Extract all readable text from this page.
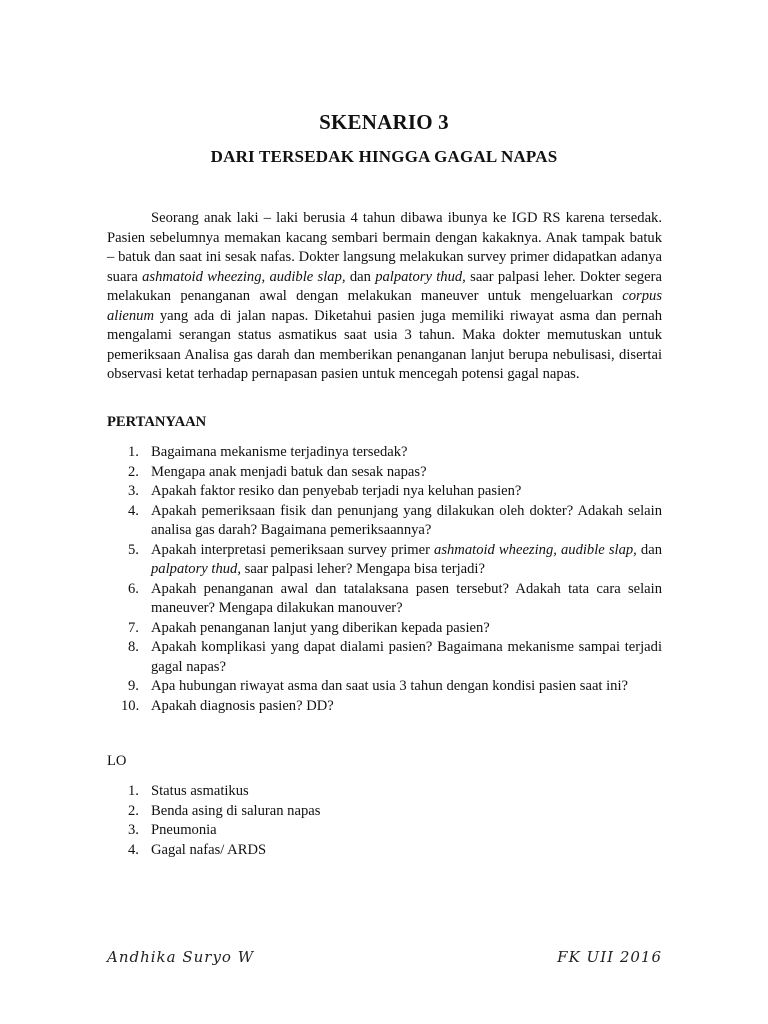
SKENARIO 3
DARI TERSEDAK HINGGA GAGAL NAPAS

Seorang anak laki – laki berusia 4 tahun dibawa ibunya ke IGD RS karena tersedak. Pasien sebelumnya memakan kacang sembari bermain dengan kakaknya. Anak tampak batuk – batuk dan saat ini sesak nafas. Dokter langsung melakukan survey primer didapatkan adanya suara ashmatoid wheezing, audible slap, dan palpatory thud, saar palpasi leher. Dokter segera melakukan penanganan awal dengan melakukan maneuver untuk mengeluarkan corpus alienum yang ada di jalan napas. Diketahui pasien juga memiliki riwayat asma dan pernah mengalami serangan status asmatikus saat usia 3 tahun. Maka dokter memutuskan untuk pemeriksaan Analisa gas darah dan memberikan penanganan lanjut berupa nebulisasi, disertai observasi ketat terhadap pernapasan pasien untuk mencegah potensi gagal napas.

PERTANYAAN

1. Bagaimana mekanisme terjadinya tersedak?
2. Mengapa anak menjadi batuk dan sesak napas?
3. Apakah faktor resiko dan penyebab terjadi nya keluhan pasien?
4. Apakah pemeriksaan fisik dan penunjang yang dilakukan oleh dokter? Adakah selain analisa gas darah? Bagaimana pemeriksaannya?
5. Apakah interpretasi pemeriksaan survey primer ashmatoid wheezing, audible slap, dan palpatory thud, saar palpasi leher? Mengapa bisa terjadi?
6. Apakah penanganan awal dan tatalaksana pasen tersebut? Adakah tata cara selain maneuver? Mengapa dilakukan manouver?
7. Apakah penanganan lanjut yang diberikan kepada pasien?
8. Apakah komplikasi yang dapat dialami pasien? Bagaimana mekanisme sampai terjadi gagal napas?
9. Apa hubungan riwayat asma dan saat usia 3 tahun dengan kondisi pasien saat ini?
10. Apakah diagnosis pasien? DD?

LO

1. Status asmatikus
2. Benda asing di saluran napas
3. Pneumonia
4. Gagal nafas/ ARDS
Andhika Suryo W	FK UII 2016
